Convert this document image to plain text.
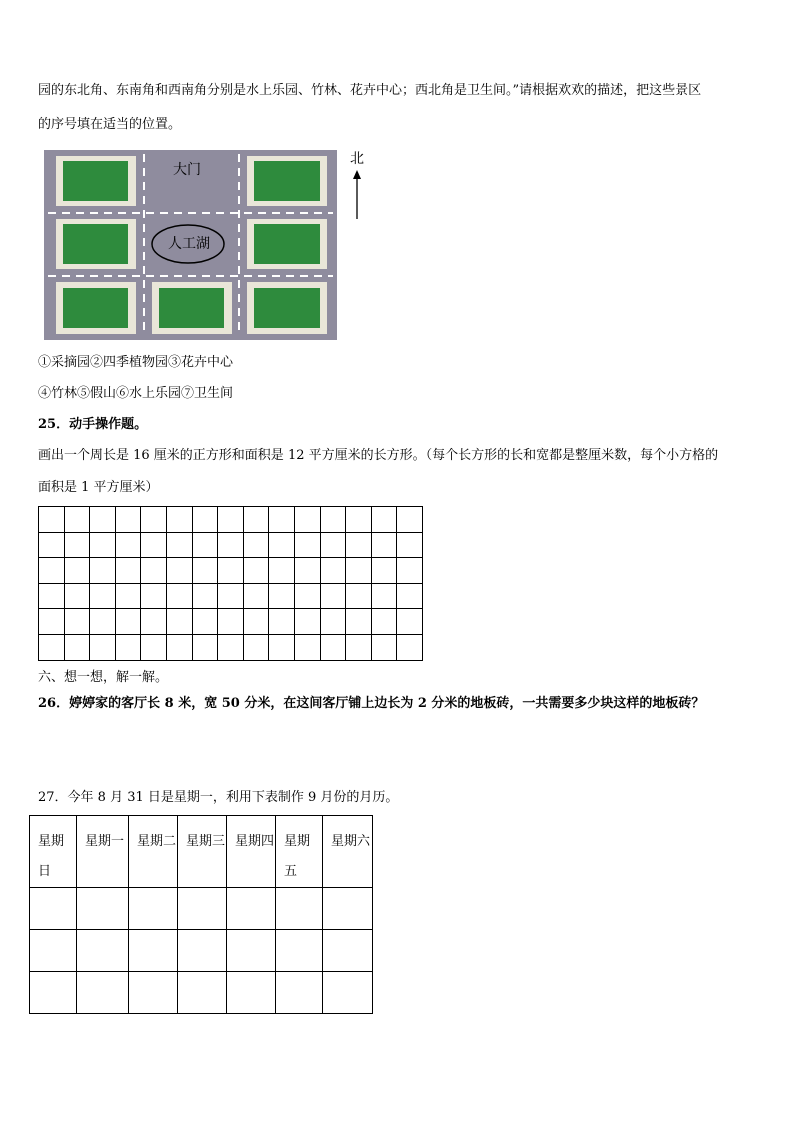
园的东北角、东南角和西南角分别是水上乐园、竹林、花卉中心；西北角是卫生间。”请根据欢欢的描述，把这些景区
的序号填在适当的位置。
大门
人工湖
北
①采摘园②四季植物园③花卉中心
④竹林⑤假山⑥水上乐园⑦卫生间
25．动手操作题。
画出一个周长是 16 厘米的正方形和面积是 12 平方厘米的长方形。（每个长方形的长和宽都是整厘米数，每个小方格的
面积是 1 平方厘米）

六、想一想，解一解。
26．婷婷家的客厅长 8 米，宽 50 分米，在这间客厅铺上边长为 2 分米的地板砖，一共需要多少块这样的地板砖？
27．今年 8 月 31 日是星期一，利用下表制作 9 月份的月历。
星期日	星期一	星期二	星期三	星期四	星期五	星期六
